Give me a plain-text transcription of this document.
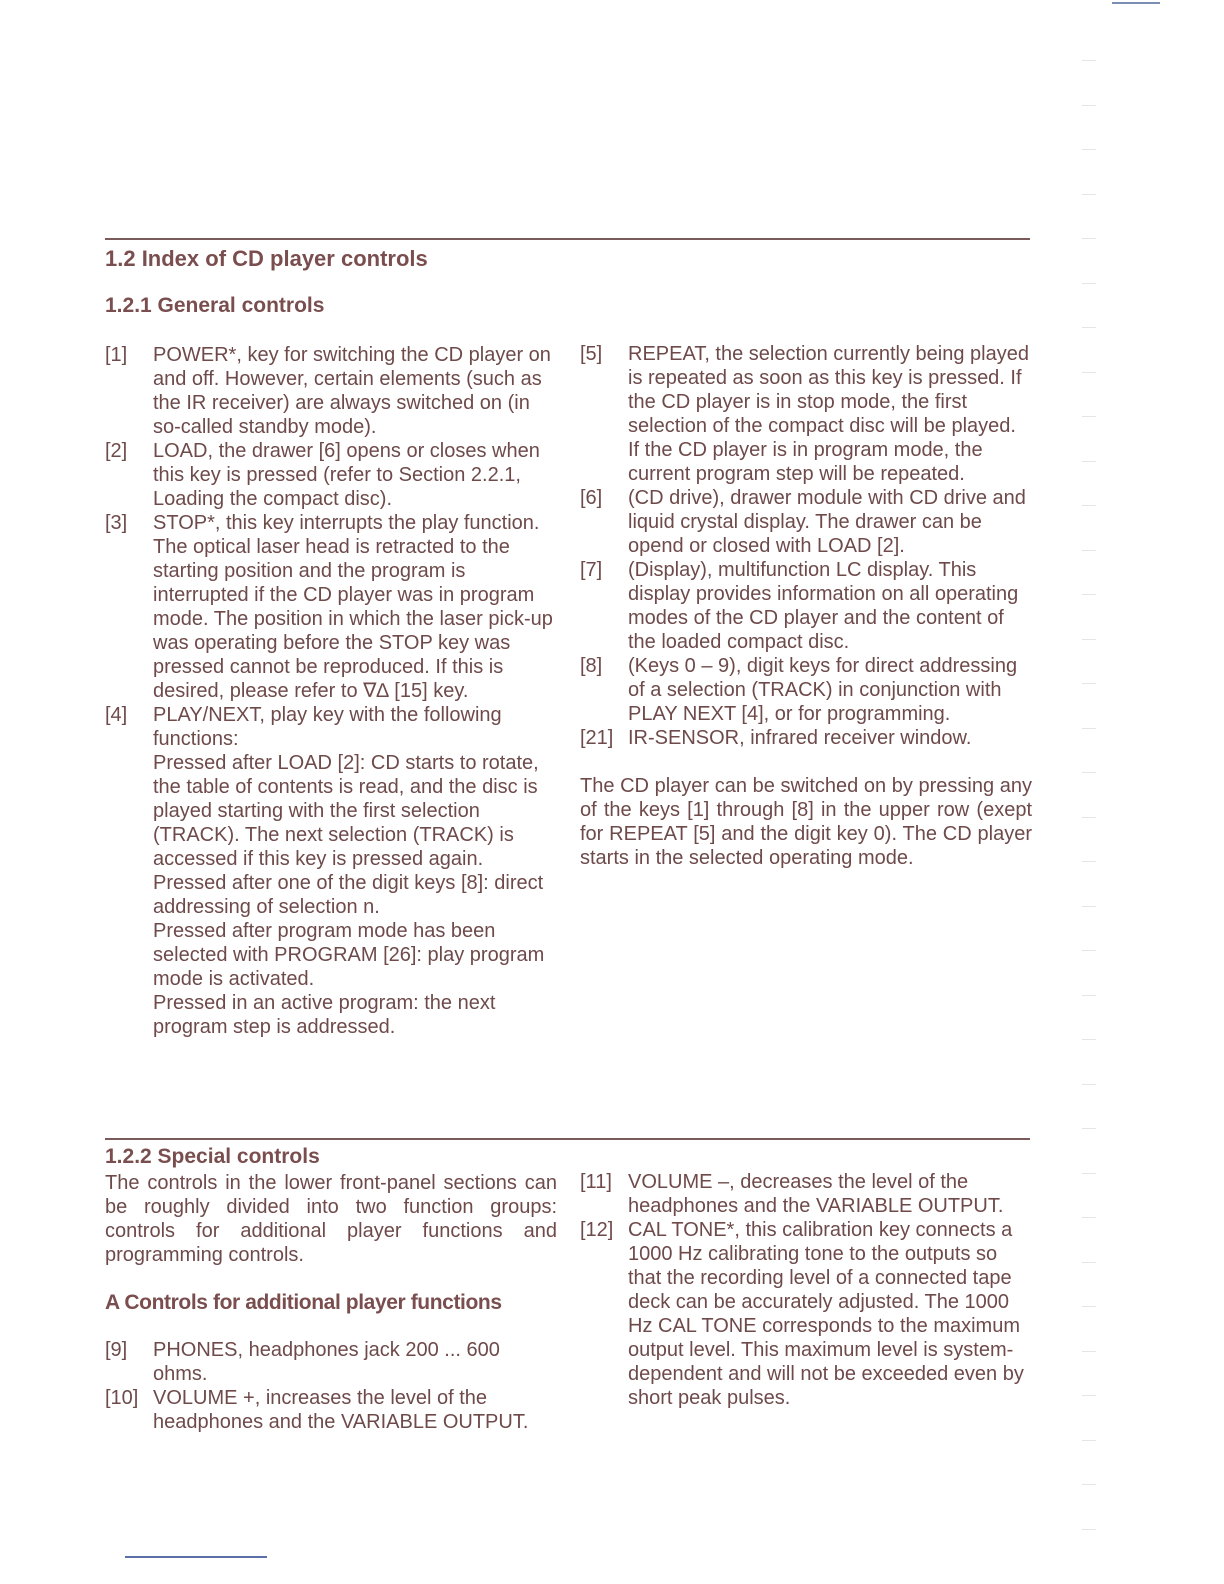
1.2 Index of CD player controls
1.2.1 General controls
[1]	POWER*, key for switching the CD player on and off. However, certain elements (such as the IR receiver) are always switched on (in so-called standby mode).

[2]	LOAD, the drawer [6] opens or closes when this key is pressed (refer to Section 2.2.1, Loading the compact disc).

[3]	STOP*, this key interrupts the play function. The optical laser head is retracted to the starting position and the program is interrupted if the CD player was in program mode. The position in which the laser pick-up was operating before the STOP key was pressed cannot be reproduced. If this is desired, please refer to ∇∆ [15] key.

[4]	PLAY/NEXT, play key with the following functions:

Pressed after LOAD [2]: CD starts to rotate, the table of contents is read, and the disc is played starting with the first selection (TRACK). The next selection (TRACK) is accessed if this key is pressed again.

Pressed after one of the digit keys [8]: direct addressing of selection n.

Pressed after program mode has been selected with PROGRAM [26]: play program mode is activated.

Pressed in an active program: the next program step is addressed.

[5]	REPEAT, the selection currently being played is repeated as soon as this key is pressed. If the CD player is in stop mode, the first selection of the compact disc will be played. If the CD player is in program mode, the current program step will be repeated.

[6]	(CD drive), drawer module with CD drive and liquid crystal display. The drawer can be opend or closed with LOAD [2].

[7]	(Display), multifunction LC display. This display provides information on all operating modes of the CD player and the content of the loaded compact disc.

[8]	(Keys 0 – 9), digit keys for direct addressing of a selection (TRACK) in conjunction with PLAY NEXT [4], or for programming.

[21] IR-SENSOR, infrared receiver window.

The CD player can be switched on by pressing any of the keys [1] through [8] in the upper row (exept for REPEAT [5] and the digit key 0). The CD player starts in the selected operating mode.

1.2.2 Special controls

The controls in the lower front-panel sections can be roughly divided into two function groups: controls for additional player functions and programming controls.

A Controls for additional player functions
[9]	PHONES, headphones jack 200 ... 600 ohms.

[10] VOLUME +, increases the level of the headphones and the VARIABLE OUTPUT.

[11] VOLUME –, decreases the level of the headphones and the VARIABLE OUTPUT.

[12] CAL TONE*, this calibration key connects a 1000 Hz calibrating tone to the outputs so that the recording level of a connected tape deck can be accurately adjusted. The 1000 Hz CAL TONE corresponds to the maximum output level. This maximum level is system-dependent and will not be exceeded even by short peak pulses.
